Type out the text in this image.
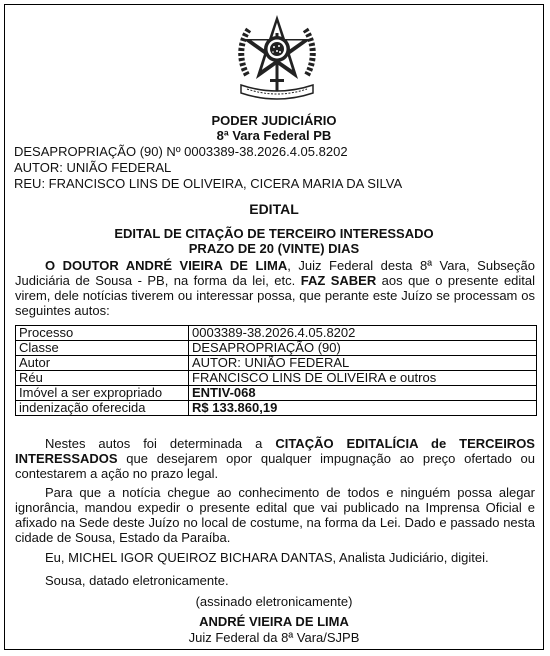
PODER JUDICIÁRIO
8ª Vara Federal PB
DESAPROPRIAÇÃO (90) Nº 0003389-38.2026.4.05.8202
AUTOR: UNIÃO FEDERAL
REU: FRANCISCO LINS DE OLIVEIRA, CICERA MARIA DA SILVA
EDITAL
EDITAL DE CITAÇÃO DE TERCEIRO INTERESSADO
PRAZO DE 20 (VINTE) DIAS
O DOUTOR ANDRÉ VIEIRA DE LIMA, Juiz Federal desta 8ª Vara, Subseção Judiciária de Sousa - PB, na forma da lei, etc. FAZ SABER aos que o presente edital virem, dele notícias tiverem ou interessar possa, que perante este Juízo se processam os seguintes autos:
Processo	0003389-38.2026.4.05.8202
Classe	DESAPROPRIAÇÃO (90)
Autor	AUTOR: UNIÃO FEDERAL
Réu	FRANCISCO LINS DE OLIVEIRA e outros
Imóvel a ser expropriado	ENTIV-068
indenização oferecida	R$ 133.860,19
Nestes autos foi determinada a CITAÇÃO EDITALÍCIA de TERCEIROS INTERESSADOS que desejarem opor qualquer impugnação ao preço ofertado ou contestarem a ação no prazo legal.
Para que a notícia chegue ao conhecimento de todos e ninguém possa alegar ignorância, mandou expedir o presente edital que vai publicado na Imprensa Oficial e afixado na Sede deste Juízo no local de costume, na forma da Lei. Dado e passado nesta cidade de Sousa, Estado da Paraíba.
Eu, MICHEL IGOR QUEIROZ BICHARA DANTAS, Analista Judiciário, digitei.
Sousa, datado eletronicamente.
(assinado eletronicamente)
ANDRÉ VIEIRA DE LIMA
Juiz Federal da 8ª Vara/SJPB
